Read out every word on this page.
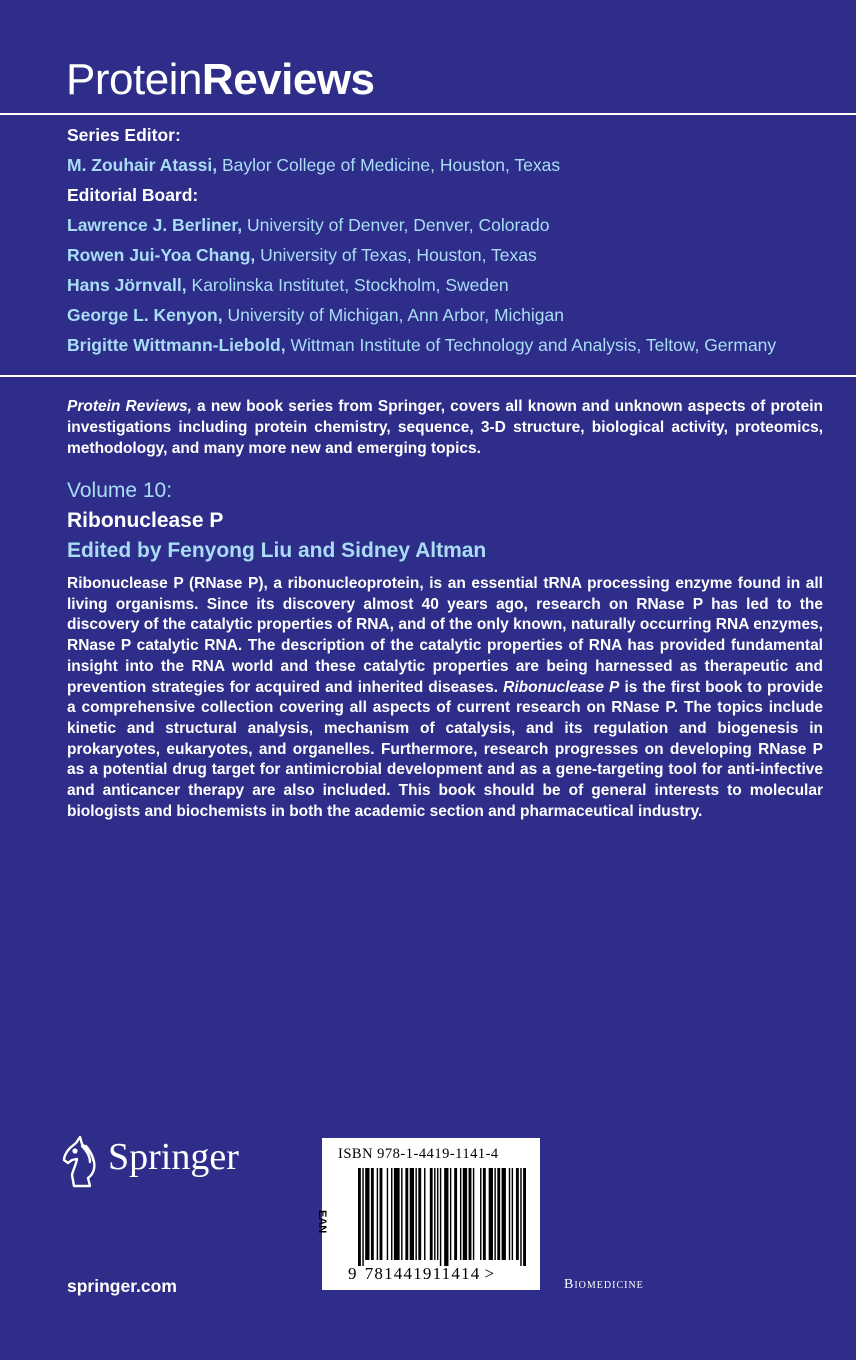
ProteinReviews
Series Editor:
M. Zouhair Atassi, Baylor College of Medicine, Houston, Texas
Editorial Board:
Lawrence J. Berliner, University of Denver, Denver, Colorado
Rowen Jui-Yoa Chang, University of Texas, Houston, Texas
Hans Jörnvall, Karolinska Institutet, Stockholm, Sweden
George L. Kenyon, University of Michigan, Ann Arbor, Michigan
Brigitte Wittmann-Liebold, Wittman Institute of Technology and Analysis, Teltow, Germany
Protein Reviews, a new book series from Springer, covers all known and unknown aspects of protein investigations including protein chemistry, sequence, 3-D structure, biological activity, proteomics, methodology, and many more new and emerging topics.
Volume 10:
Ribonuclease P
Edited by Fenyong Liu and Sidney Altman
Ribonuclease P (RNase P), a ribonucleoprotein, is an essential tRNA processing enzyme found in all living organisms. Since its discovery almost 40 years ago, research on RNase P has led to the discovery of the catalytic properties of RNA, and of the only known, naturally occurring RNA enzymes, RNase P catalytic RNA. The description of the catalytic properties of RNA has provided fundamental insight into the RNA world and these catalytic properties are being harnessed as therapeutic and prevention strategies for acquired and inherited diseases. Ribonuclease P is the first book to provide a comprehensive collection covering all aspects of current research on RNase P. The topics include kinetic and structural analysis, mechanism of catalysis, and its regulation and biogenesis in prokaryotes, eukaryotes, and organelles. Furthermore, research progresses on developing RNase P as a potential drug target for antimicrobial development and as a gene-targeting tool for anti-infective and anticancer therapy are also included. This book should be of general interests to molecular biologists and biochemists in both the academic section and pharmaceutical industry.
Springer
springer.com
ISBN 978-1-4419-1141-4
EAN
9 781441911414 >
Biomedicine
